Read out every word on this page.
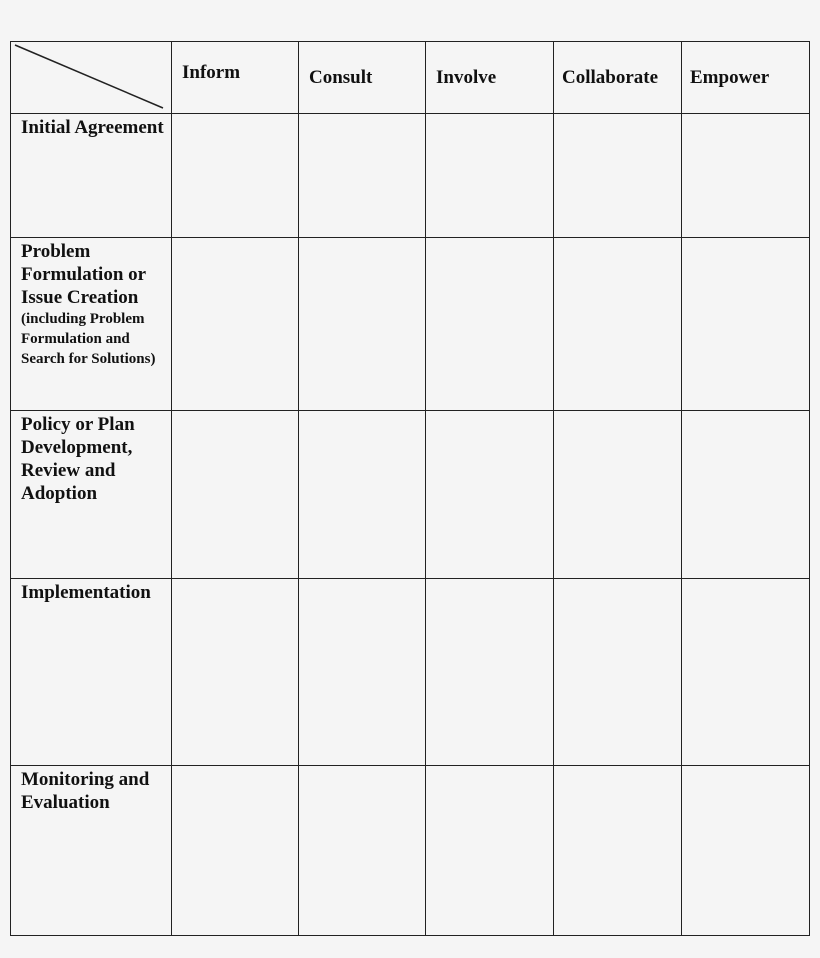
	Inform	Consult	Involve	Collaborate	Empower

Initial Agreement					

Problem Formulation or Issue Creation
(including Problem Formulation and Search for Solutions)					

Policy or Plan Development, Review and Adoption					

Implementation					

Monitoring and Evaluation					
